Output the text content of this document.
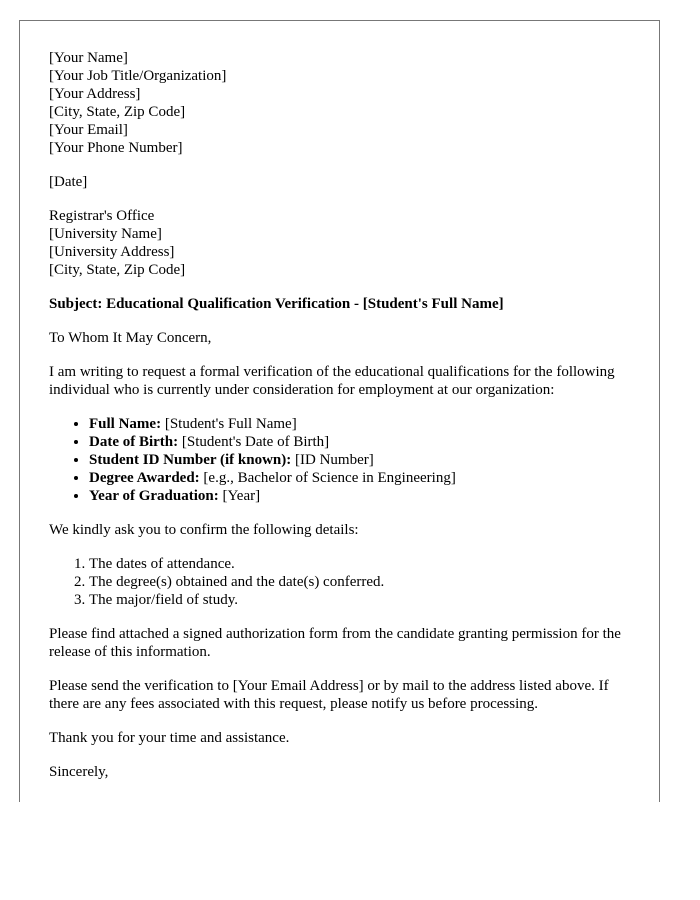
[Your Name]
[Your Job Title/Organization]
[Your Address]
[City, State, Zip Code]
[Your Email]
[Your Phone Number]
[Date]
Registrar's Office
[University Name]
[University Address]
[City, State, Zip Code]
Subject: Educational Qualification Verification - [Student's Full Name]

To Whom It May Concern,

I am writing to request a formal verification of the educational qualifications for the following individual who is currently under consideration for employment at our organization:

• Full Name: [Student's Full Name]
• Date of Birth: [Student's Date of Birth]
• Student ID Number (if known): [ID Number]
• Degree Awarded: [e.g., Bachelor of Science in Engineering]
• Year of Graduation: [Year]

We kindly ask you to confirm the following details:

1. The dates of attendance.
2. The degree(s) obtained and the date(s) conferred.
3. The major/field of study.

Please find attached a signed authorization form from the candidate granting permission for the release of this information.

Please send the verification to [Your Email Address] or by mail to the address listed above. If there are any fees associated with this request, please notify us before processing.

Thank you for your time and assistance.

Sincerely,
